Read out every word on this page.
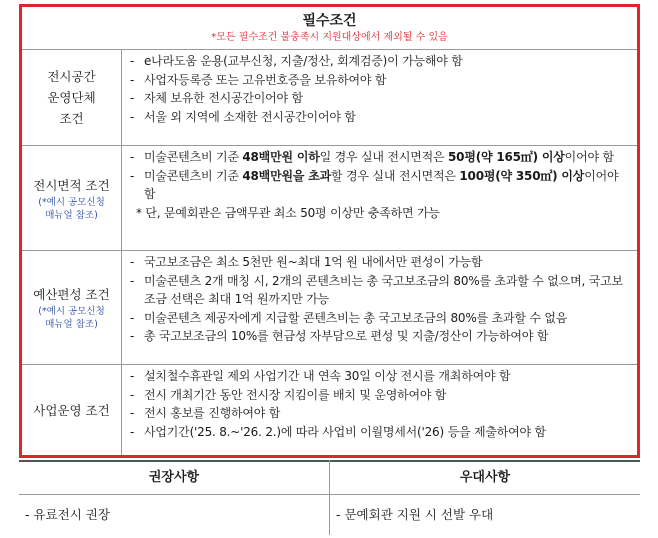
필수조건
*모든 필수조건 불충족시 지원대상에서 제외될 수 있음
전시공간
운영단체
조건
- e나라도움 운용(교부신청, 지출/정산, 회계검증)이 가능해야 함
- 사업자등록증 또는 고유번호증을 보유하여야 함
- 자체 보유한 전시공간이어야 함
- 서울 외 지역에 소재한 전시공간이어야 함
전시면적 조건
(*예시 공모신청
매뉴얼 참조)
- 미술콘텐츠비 기준 48백만원 이하일 경우 실내 전시면적은 50평(약 165㎡) 이상이어야 함
- 미술콘텐츠비 기준 48백만원을 초과할 경우 실내 전시면적은 100평(약 350㎡) 이상이어야 함
* 단, 문예회관은 금액무관 최소 50평 이상만 충족하면 가능
예산편성 조건
(*예시 공모신청
매뉴얼 참조)
- 국고보조금은 최소 5천만 원~최대 1억 원 내에서만 편성이 가능함
- 미술콘텐츠 2개 매칭 시, 2개의 콘텐츠비는 총 국고보조금의 80%를 초과할 수 없으며, 국고보조금 선택은 최대 1억 원까지만 가능
- 미술콘텐츠 제공자에게 지급할 콘텐츠비는 총 국고보조금의 80%를 초과할 수 없음
- 총 국고보조금의 10%를 현금성 자부담으로 편성 및 지출/정산이 가능하여야 함
사업운영 조건
- 설치철수휴관일 제외 사업기간 내 연속 30일 이상 전시를 개최하여야 함
- 전시 개최기간 동안 전시장 지킴이를 배치 및 운영하여야 함
- 전시 홍보를 진행하여야 함
- 사업기간('25. 8.~'26. 2.)에 따라 사업비 이월명세서('26) 등을 제출하여야 함
권장사항
- 유료전시 권장
우대사항
- 문예회관 지원 시 선발 우대
